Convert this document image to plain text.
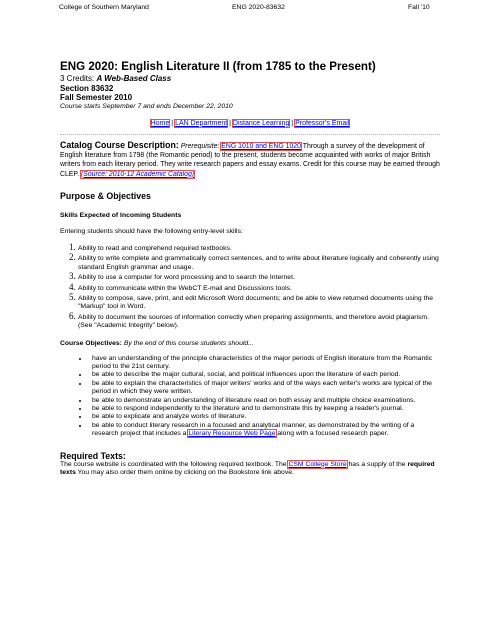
College of Southern Maryland	ENG 2020-83632	Fall '10
ENG 2020: English Literature II (from 1785 to the Present)
3 Credits: A Web-Based Class
Section 83632
Fall Semester 2010
Course starts September 7 and ends December 22, 2010
Home | LAN Department | Distance Learning | Professor's Email
Catalog Course Description: Prerequisite: ENG 1010 and ENG 1020 Through a survey of the development of English literature from 1798 (the Romantic period) to the present, students become acquainted with works of major British writers from each literary period. They write research papers and essay exams. Credit for this course may be earned through CLEP. (Source: 2010-12 Academic Catalog)
Purpose & Objectives
Skills Expected of Incoming Students
Entering students should have the following entry-level skills:
1. Ability to read and comprehend required textbooks.
2. Ability to write complete and grammatically correct sentences, and to write about literature logically and coherently using standard English grammar and usage.
3. Ability to use a computer for word processing and to search the Internet.
4. Ability to communicate within the WebCT E-mail and Discussions tools.
5. Ability to compose, save, print, and edit Microsoft Word documents; and be able to view returned documents using the "Markup" tool in Word.
6. Ability to document the sources of information correctly when preparing assignments, and therefore avoid plagiarism. (See "Academic Integrity" below).
Course Objectives: By the end of this course students should...
• have an understanding of the principle characteristics of the major periods of English literature from the Romantic period to the 21st century.
• be able to describe the major cultural, social, and political influences upon the literature of each period.
• be able to explain the characteristics of major writers' works and of the ways each writer's works are typical of the period in which they were written.
• be able to demonstrate an understanding of literature read on both essay and multiple choice examinations.
• be able to respond independently to the literature and to demonstrate this by keeping a reader's journal.
• be able to explicate and analyze works of literature.
• be able to conduct literary research in a focused and analytical manner, as demonstrated by the writing of a research project that includes a Literary Resource Web Page along with a focused research paper.
Required Texts:
The course website is coordinated with the following required textbook. The CSM College Store has a supply of the required texts You may also order them online by clicking on the Bookstore link above.
